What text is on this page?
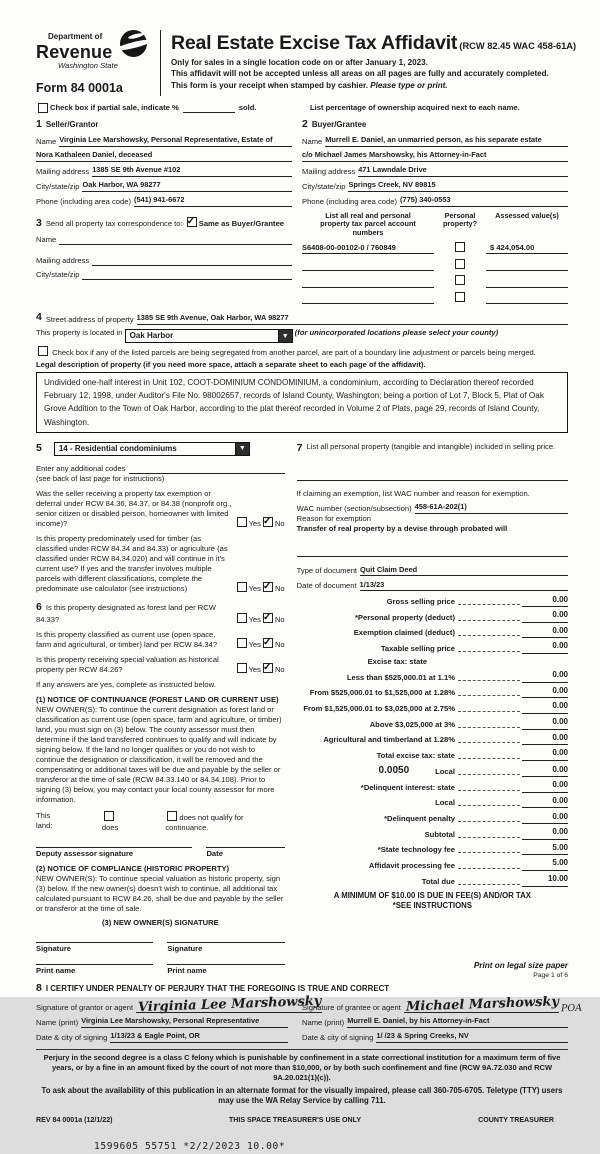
Department of
Revenue
Washington State
Form 84 0001a
Real Estate Excise Tax Affidavit (RCW 82.45 WAC 458-61A)
Only for sales in a single location code on or after January 1, 2023.
This affidavit will not be accepted unless all areas on all pages are fully and accurately completed.
This form is your receipt when stamped by cashier. Please type or print.
Check box if partial sale, indicate %	sold.	List percentage of ownership acquired next to each name.
1 Seller/Grantor
Name Virginia Lee Marshowsky, Personal Representative, Estate of
Nora Kathaleen Daniel, deceased
Mailing address 1385 SE 9th Avenue #102
City/state/zip Oak Harbor, WA 98277
Phone (including area code) (541) 941-6672
3 Send all property tax correspondence to: ✓ Same as Buyer/Grantee
Name
Mailing address
City/state/zip
2 Buyer/Grantee
Name Murrell E. Daniel, an unmarried person, as his separate estate
c/o Michael James Marshowsky, his Attorney-in-Fact
Mailing address 471 Lawndale Drive
City/state/zip Springs Creek, NV 89815
Phone (including area code) (775) 340-0553
List all real and personal property tax parcel account numbers
Personal property?
Assessed value(s)
S6408-00-00102-0 / 760849	$ 424,054.00
4 Street address of property 1385 SE 9th Avenue, Oak Harbor, WA 98277
This property is located in Oak Harbor	▼ (for unincorporated locations please select your county)
Check box if any of the listed parcels are being segregated from another parcel, are part of a boundary line adjustment or parcels being merged.
Legal description of property (if you need more space, attach a separate sheet to each page of the affidavit).
Undivided one-half interest in Unit 102, COOT-DOMINIUM CONDOMINIUM, a condominium, according to Declaration thereof recorded February 12, 1998, under Auditor's File No. 98002657, records of Island County, Washington; being a portion of Lot 7, Block 5, Plat of Oak Grove Addition to the Town of Oak Harbor, according to the plat thereof recorded in Volume 2 of Plats, page 29, records of Island County, Washington.
5 14 - Residential condominiums	▼
Enter any additional codes
(see back of last page for instructions)
Was the seller receiving a property tax exemption or deferral under RCW 84.36, 84.37, or 84.38 (nonprofit org., senior citizen or disabled person, homeowner with limited income)?	Yes ✓ No
Is this property predominately used for timber (as classified under RCW 84.34 and 84.33) or agriculture (as classified under RCW 84.34.020) and will continue in it's current use? If yes and the transfer involves multiple parcels with different classifications, complete the predominate use calculator (see instructions)	Yes ✓ No
6 Is this property designated as forest land per RCW 84.33?	Yes ✓ No
Is this property classified as current use (open space, farm and agricultural, or timber) land per RCW 84.34?	Yes ✓ No
Is this property receiving special valuation as historical property per RCW 84.26?	Yes ✓ No
If any answers are yes, complete as instructed below.
(1) NOTICE OF CONTINUANCE (FOREST LAND OR CURRENT USE)
NEW OWNER(S): To continue the current designation as forest land or classification as current use (open space, farm and agriculture, or timber) land, you must sign on (3) below. The county assessor must then determine if the land transferred continues to qualify and will indicate by signing below. If the land no longer qualifies or you do not wish to continue the designation or classification, it will be removed and the compensating or additional taxes will be due and payable by the seller or transferor at the time of sale (RCW 84.33.140 or 84.34.108). Prior to signing (3) below, you may contact your local county assessor for more information.
This land:	does
does not qualify for continuance.
Deputy assessor signature	Date
(2) NOTICE OF COMPLIANCE (HISTORIC PROPERTY)
NEW OWNER(S): To continue special valuation as historic property, sign (3) below. If the new owner(s) doesn't wish to continue, all additional tax calculated pursuant to RCW 84.26, shall be due and payable by the seller or transferor at the time of sale.
(3) NEW OWNER(S) SIGNATURE
Signature	Signature
Print name	Print name
7 List all personal property (tangible and intangible) included in selling price.
If claiming an exemption, list WAC number and reason for exemption.
WAC number (section/subsection) 458-61A-202(1)
Reason for exemption
Transfer of real property by a devise through probated will
Type of document Quit Claim Deed
Date of document 1/13/23
Gross selling price	0.00
*Personal property (deduct)	0.00
Exemption claimed (deduct)	0.00
Taxable selling price	0.00
Excise tax: state
Less than $525,000.01 at 1.1%	0.00
From $525,000.01 to $1,525,000 at 1.28%	0.00
From $1,525,000.01 to $3,025,000 at 2.75%	0.00
Above $3,025,000 at 3%	0.00
Agricultural and timberland at 1.28%	0.00
Total excise tax: state	0.00
0.0050	Local	0.00
*Delinquent interest: state	0.00
Local	0.00
*Delinquent penalty	0.00
Subtotal	0.00
*State technology fee	5.00
Affidavit processing fee	5.00
Total due	10.00
A MINIMUM OF $10.00 IS DUE IN FEE(S) AND/OR TAX
*SEE INSTRUCTIONS
8 I CERTIFY UNDER PENALTY OF PERJURY THAT THE FOREGOING IS TRUE AND CORRECT
Signature of grantor or agent Virginia Lee Marshowsky
Name (print) Virginia Lee Marshowsky, Personal Representative
Date & city of signing 1/13/23 & Eagle Point, OR
Signature of grantee or agent Michael Marshowsky POA
Name (print) Murrell E. Daniel, by his Attorney-in-Fact
Date & city of signing 1/ /23 & Spring Creeks, NV
Perjury in the second degree is a class C felony which is punishable by confinement in a state correctional institution for a maximum term of five years, or by a fine in an amount fixed by the court of not more than $10,000, or by both such confinement and fine (RCW 9A.72.030 and RCW 9A.20.021(1)(c)).
To ask about the availability of this publication in an alternate format for the visually impaired, please call 360-705-6705. Teletype (TTY) users may use the WA Relay Service by calling 711.
REV 84 0001a (12/1/22)	THIS SPACE TREASURER'S USE ONLY	COUNTY TREASURER
1599605 55751 *2/2/2023 10.00*
Print on legal size paper
Page 1 of 6
